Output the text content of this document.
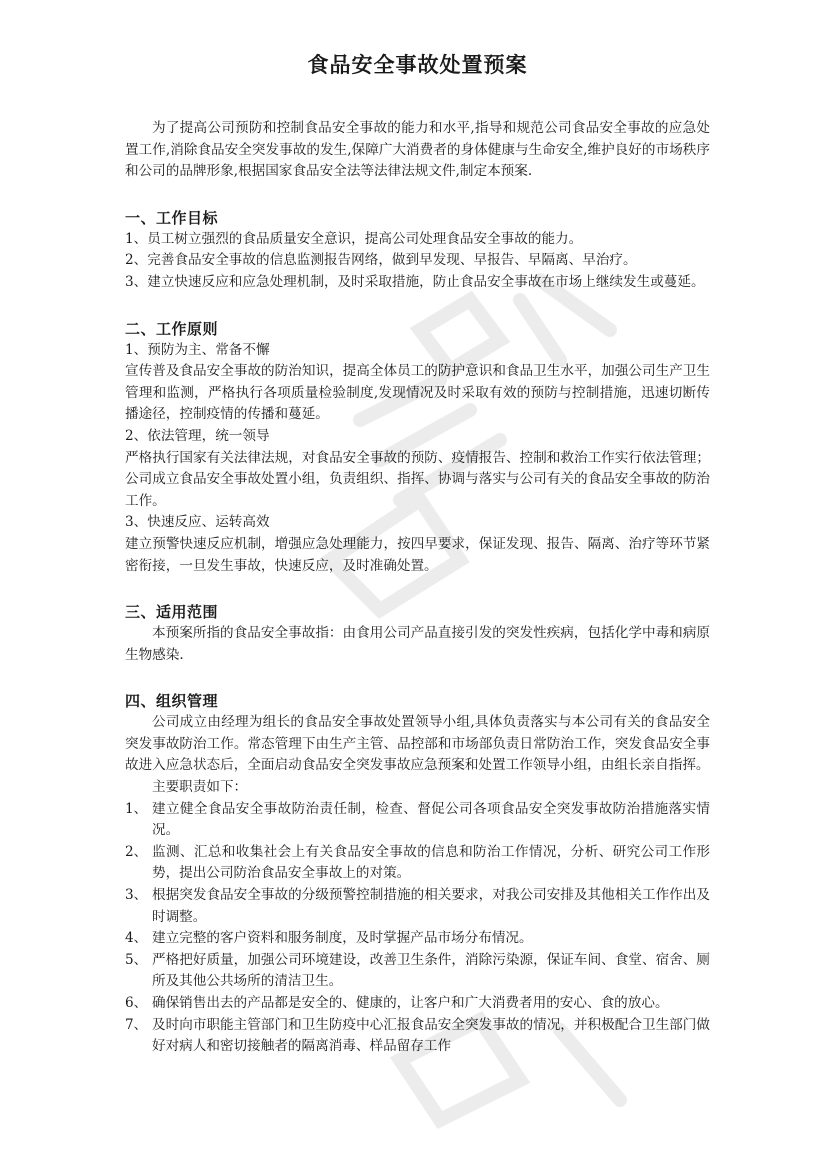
食品安全事故处置预案

为了提高公司预防和控制食品安全事故的能力和水平,指导和规范公司食品安全事故的应急处置工作,消除食品安全突发事故的发生,保障广大消费者的身体健康与生命安全,维护良好的市场秩序和公司的品牌形象,根据国家食品安全法等法律法规文件,制定本预案.

一、工作目标

1、员工树立强烈的食品质量安全意识，提高公司处理食品安全事故的能力。

2、完善食品安全事故的信息监测报告网络，做到早发现、早报告、早隔离、早治疗。

3、建立快速反应和应急处理机制，及时采取措施，防止食品安全事故在市场上继续发生或蔓延。

二、工作原则

1、预防为主、常备不懈

宣传普及食品安全事故的防治知识，提高全体员工的防护意识和食品卫生水平，加强公司生产卫生管理和监测，严格执行各项质量检验制度,发现情况及时采取有效的预防与控制措施，迅速切断传播途径，控制疫情的传播和蔓延。

2、依法管理，统一领导

严格执行国家有关法律法规，对食品安全事故的预防、疫情报告、控制和救治工作实行依法管理；公司成立食品安全事故处置小组，负责组织、指挥、协调与落实与公司有关的食品安全事故的防治工作。

3、快速反应、运转高效

建立预警快速反应机制，增强应急处理能力，按四早要求，保证发现、报告、隔离、治疗等环节紧密衔接，一旦发生事故，快速反应，及时准确处置。

三、适用范围

本预案所指的食品安全事故指：由食用公司产品直接引发的突发性疾病，包括化学中毒和病原生物感染.

四、组织管理

公司成立由经理为组长的食品安全事故处置领导小组,具体负责落实与本公司有关的食品安全突发事故防治工作。常态管理下由生产主管、品控部和市场部负责日常防治工作，突发食品安全事故进入应急状态后，全面启动食品安全突发事故应急预案和处置工作领导小组，由组长亲自指挥。

主要职责如下：

1、 建立健全食品安全事故防治责任制，检查、督促公司各项食品安全突发事故防治措施落实情况。
2、 监测、汇总和收集社会上有关食品安全事故的信息和防治工作情况，分析、研究公司工作形势，提出公司防治食品安全事故上的对策。
3、 根据突发食品安全事故的分级预警控制措施的相关要求，对我公司安排及其他相关工作作出及时调整。
4、 建立完整的客户资料和服务制度，及时掌握产品市场分布情况。
5、 严格把好质量，加强公司环境建设，改善卫生条件，消除污染源，保证车间、食堂、宿舍、厕所及其他公共场所的清洁卫生。
6、 确保销售出去的产品都是安全的、健康的，让客户和广大消费者用的安心、食的放心。
7、 及时向市职能主管部门和卫生防疫中心汇报食品安全突发事故的情况，并积极配合卫生部门做好对病人和密切接触者的隔离消毒、样品留存工作
